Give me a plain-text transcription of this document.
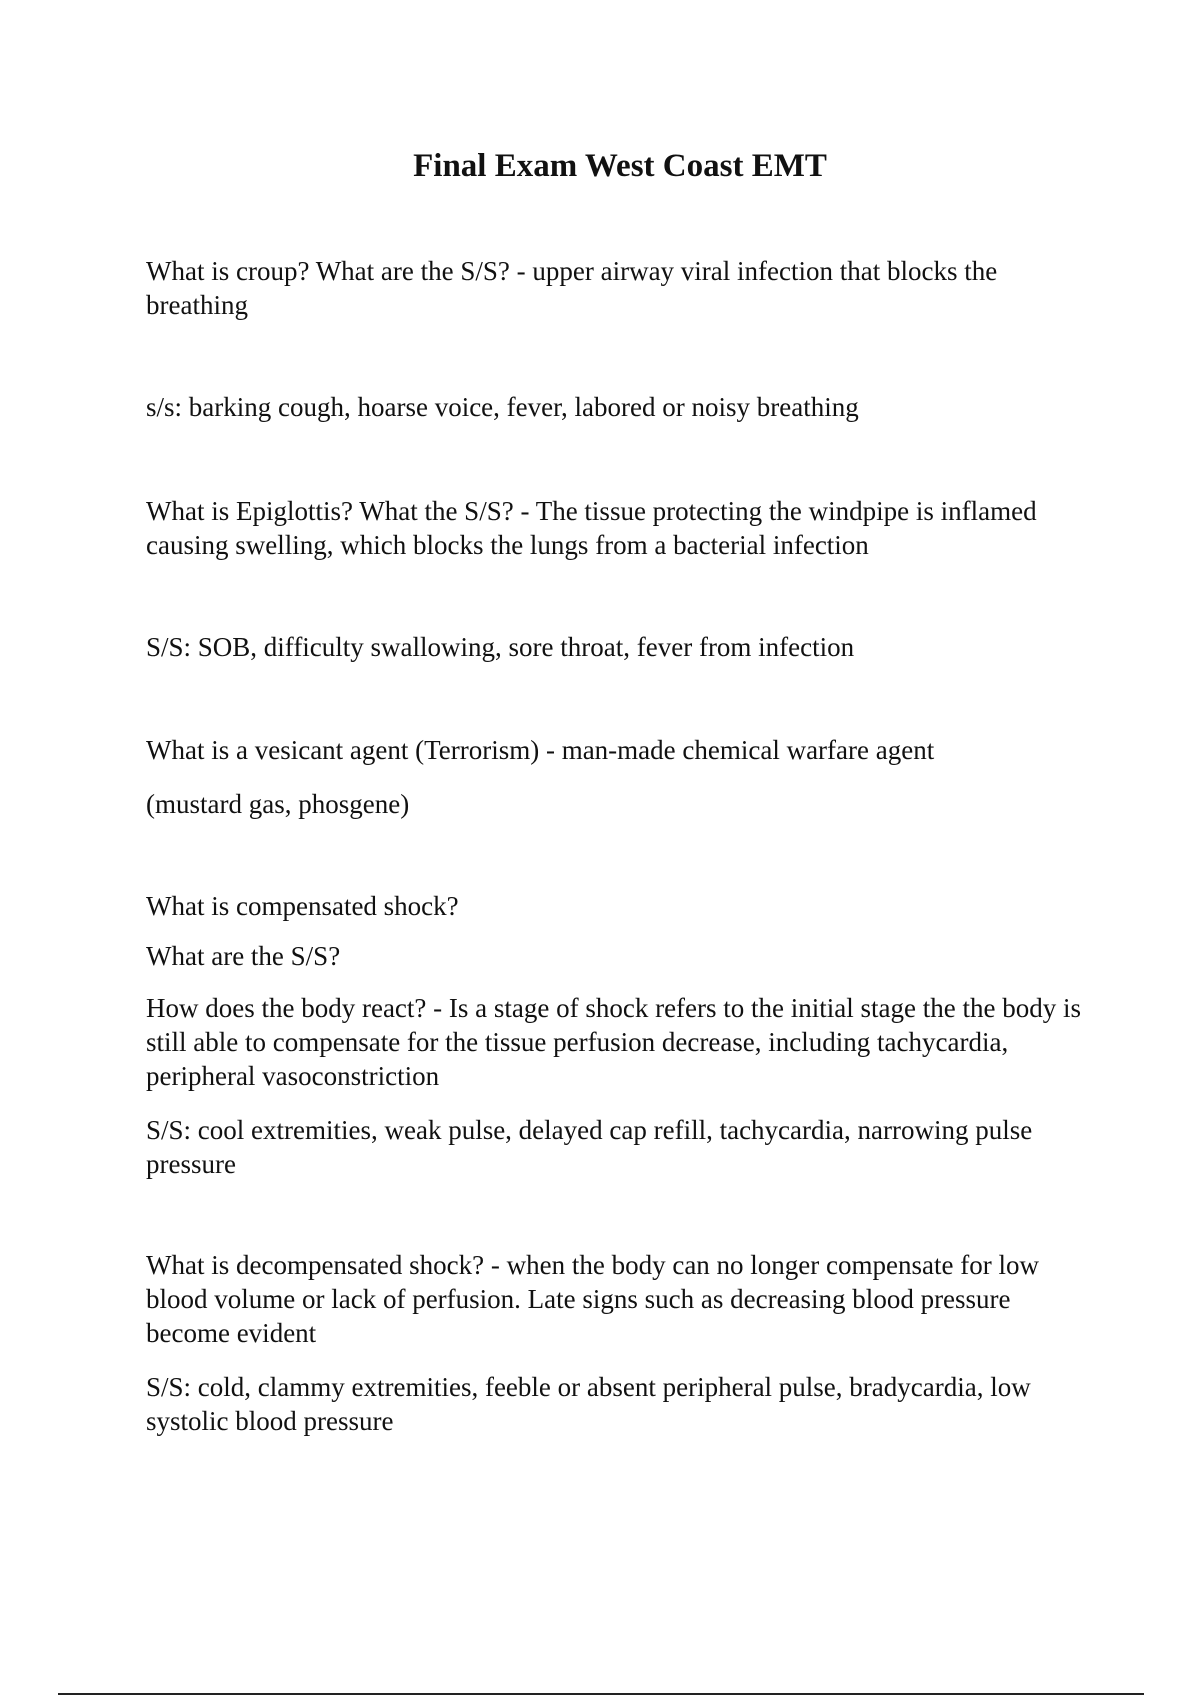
Final Exam West Coast EMT

What is croup? What are the S/S? - upper airway viral infection that blocks the breathing

s/s: barking cough, hoarse voice, fever, labored or noisy breathing

What is Epiglottis? What the S/S? - The tissue protecting the windpipe is inflamed causing swelling, which blocks the lungs from a bacterial infection

S/S: SOB, difficulty swallowing, sore throat, fever from infection

What is a vesicant agent (Terrorism) - man-made chemical warfare agent

(mustard gas, phosgene)

What is compensated shock?

What are the S/S?

How does the body react? - Is a stage of shock refers to the initial stage the the body is still able to compensate for the tissue perfusion decrease, including tachycardia, peripheral vasoconstriction

S/S: cool extremities, weak pulse, delayed cap refill, tachycardia, narrowing pulse pressure

What is decompensated shock? - when the body can no longer compensate for low blood volume or lack of perfusion. Late signs such as decreasing blood pressure become evident

S/S: cold, clammy extremities, feeble or absent peripheral pulse, bradycardia, low systolic blood pressure
